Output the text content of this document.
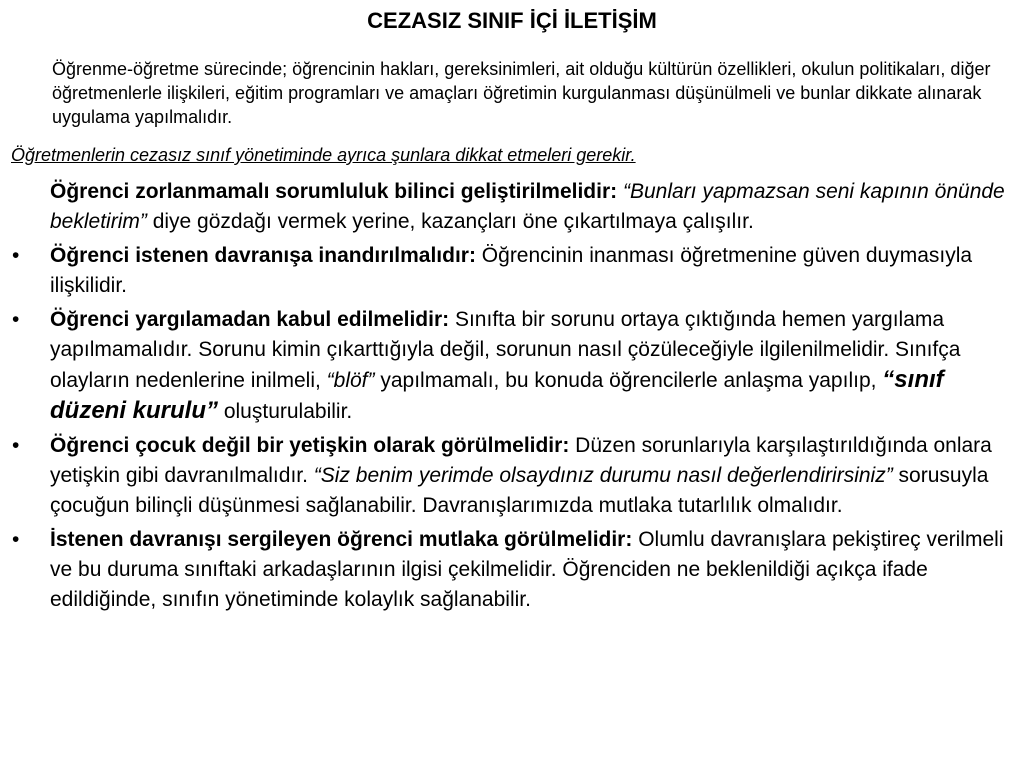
CEZASIZ SINIF İÇİ İLETİŞİM
Öğrenme-öğretme sürecinde; öğrencinin hakları, gereksinimleri, ait olduğu kültürün özellikleri, okulun politikaları, diğer öğretmenlerle ilişkileri, eğitim programları ve amaçları öğretimin kurgulanması düşünülmeli ve bunlar dikkate alınarak uygulama yapılmalıdır.
Öğretmenlerin cezasız sınıf yönetiminde ayrıca şunlara dikkat etmeleri gerekir.
Öğrenci zorlanmamalı sorumluluk bilinci geliştirilmelidir: “Bunları yapmazsan seni kapının önünde bekletirim” diye gözdağı vermek yerine, kazançları öne çıkartılmaya çalışılır.
•	Öğrenci istenen davranışa inandırılmalıdır: Öğrencinin inanması öğretmenine güven duymasıyla ilişkilidir.
•	Öğrenci yargılamadan kabul edilmelidir: Sınıfta bir sorunu ortaya çıktığında hemen yargılama yapılmamalıdır. Sorunu kimin çıkarttığıyla değil, sorunun nasıl çözüleceğiyle ilgilenilmelidir. Sınıfça olayların nedenlerine inilmeli, “blöf” yapılmamalı, bu konuda öğrencilerle anlaşma yapılıp, “sınıf düzeni kurulu” oluşturulabilir.
•	Öğrenci çocuk değil bir yetişkin olarak görülmelidir: Düzen sorunlarıyla karşılaştırıldığında onlara yetişkin gibi davranılmalıdır. “Siz benim yerimde olsaydınız durumu nasıl değerlendirirsiniz” sorusuyla çocuğun bilinçli düşünmesi sağlanabilir. Davranışlarımızda mutlaka tutarlılık olmalıdır.
•	İstenen davranışı sergileyen öğrenci mutlaka görülmelidir: Olumlu davranışlara pekiştireç verilmeli ve bu duruma sınıftaki arkadaşlarının ilgisi çekilmelidir. Öğrenciden ne beklenildiği açıkça ifade edildiğinde, sınıfın yönetiminde kolaylık sağlanabilir.
